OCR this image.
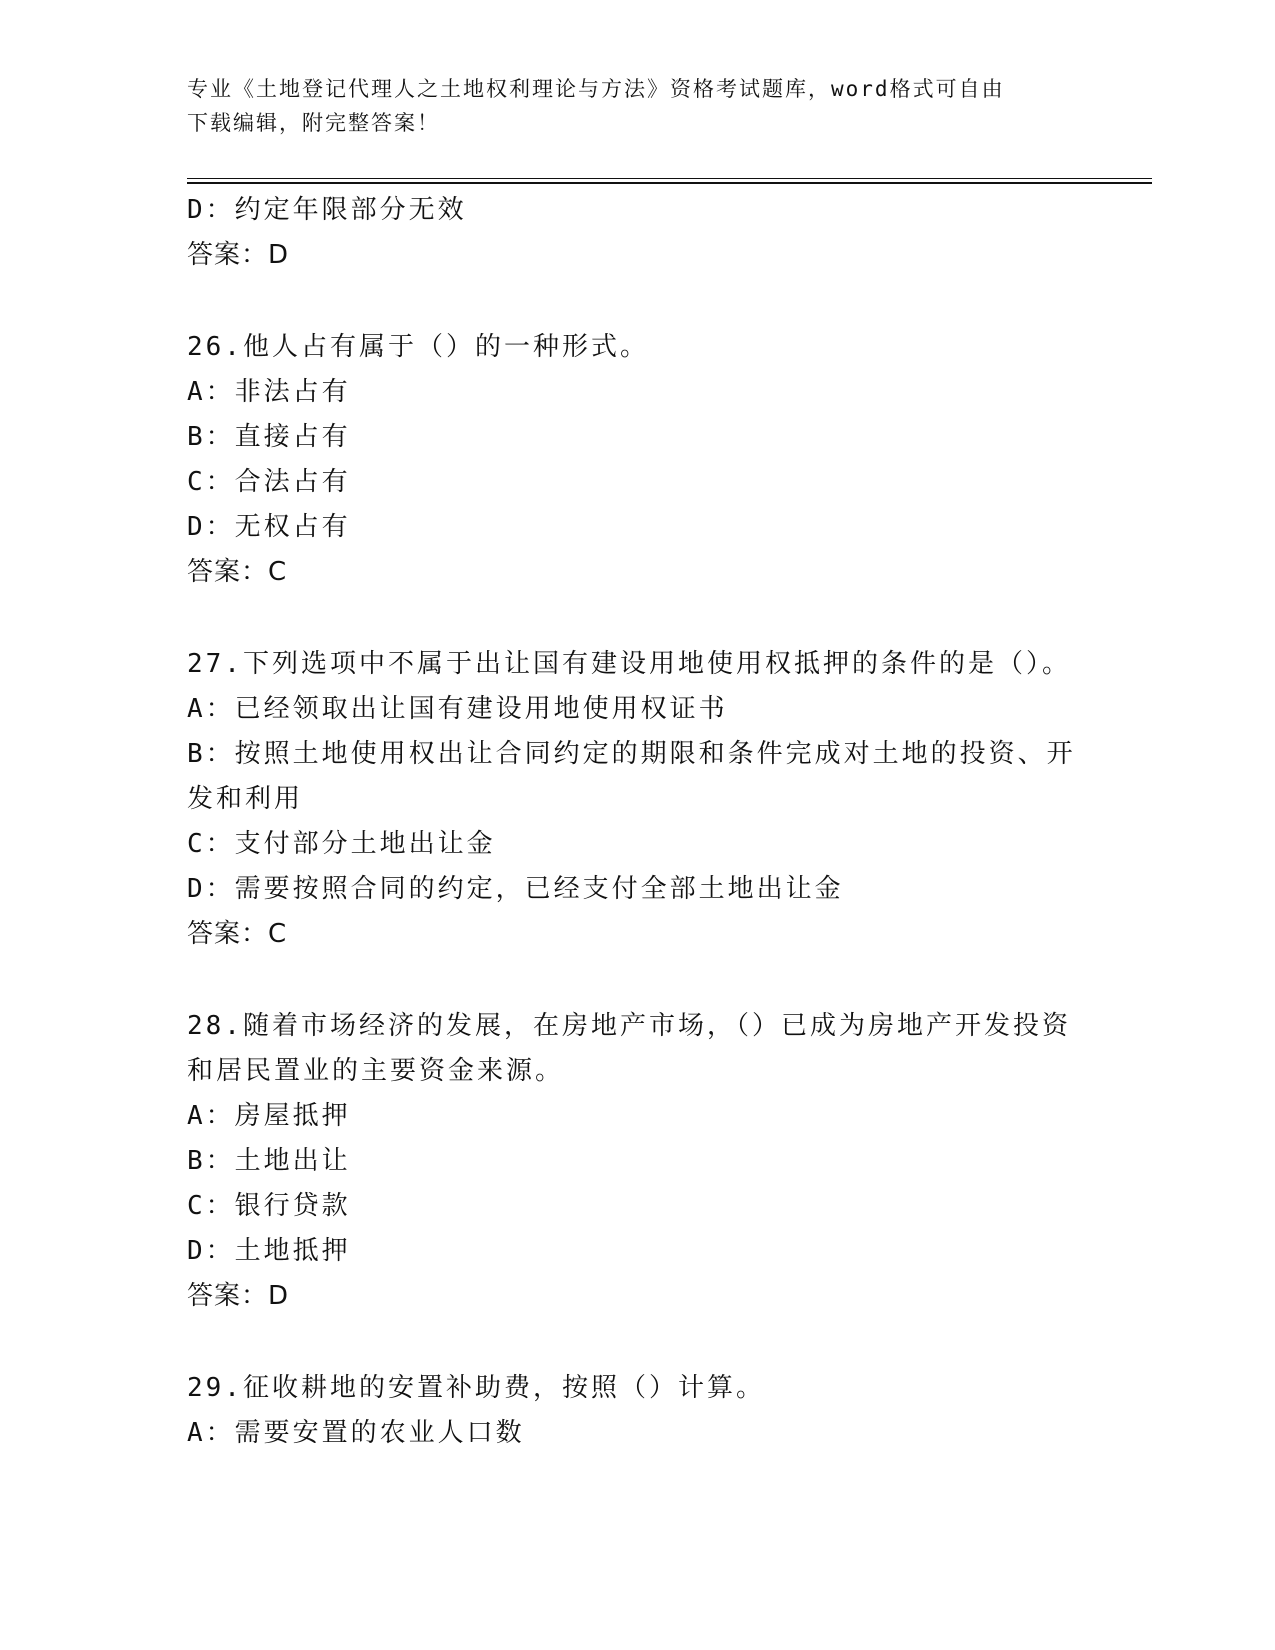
专业《土地登记代理人之土地权利理论与方法》资格考试题库，word格式可自由
下载编辑，附完整答案！
D：约定年限部分无效
答案：D
26.他人占有属于（）的一种形式。
A：非法占有
B：直接占有
C：合法占有
D：无权占有
答案：C
27.下列选项中不属于出让国有建设用地使用权抵押的条件的是（）。
A：已经领取出让国有建设用地使用权证书
B：按照土地使用权出让合同约定的期限和条件完成对土地的投资、开
发和利用
C：支付部分土地出让金
D：需要按照合同的约定，已经支付全部土地出让金
答案：C
28.随着市场经济的发展，在房地产市场，（）已成为房地产开发投资
和居民置业的主要资金来源。
A：房屋抵押
B：土地出让
C：银行贷款
D：土地抵押
答案：D
29.征收耕地的安置补助费，按照（）计算。
A：需要安置的农业人口数
